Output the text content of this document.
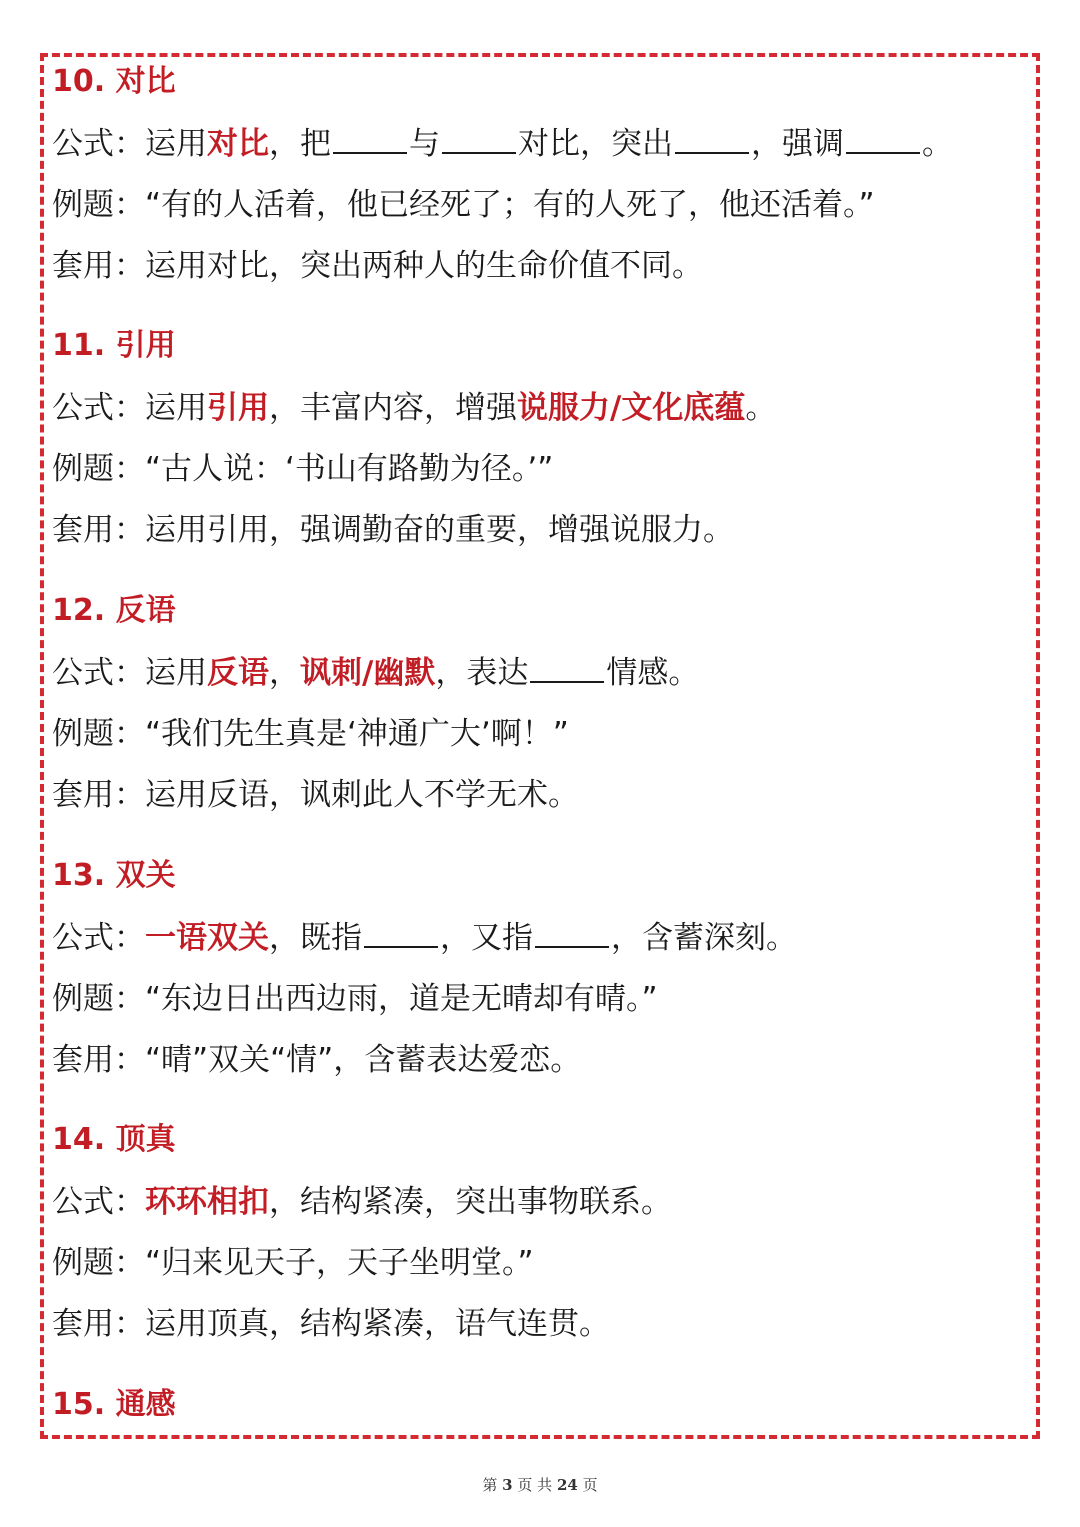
10. 对比
公式：运用对比，把	与	对比，突出	，强调	。
例题：“有的人活着，他已经死了；有的人死了，他还活着。”
套用：运用对比，突出两种人的生命价值不同。
11. 引用
公式：运用引用，丰富内容，增强说服力/文化底蕴。
例题：“古人说：‘书山有路勤为径。’”
套用：运用引用，强调勤奋的重要，增强说服力。
12. 反语
公式：运用反语，讽刺/幽默，表达	情感。
例题：“我们先生真是‘神通广大’啊！”
套用：运用反语，讽刺此人不学无术。
13. 双关
公式：一语双关，既指	，又指	，含蓄深刻。
例题：“东边日出西边雨，道是无晴却有晴。”
套用：“晴”双关“情”，含蓄表达爱恋。
14. 顶真
公式：环环相扣，结构紧凑，突出事物联系。
例题：“归来见天子，天子坐明堂。”
套用：运用顶真，结构紧凑，语气连贯。
15. 通感
第 3 页 共 24 页
